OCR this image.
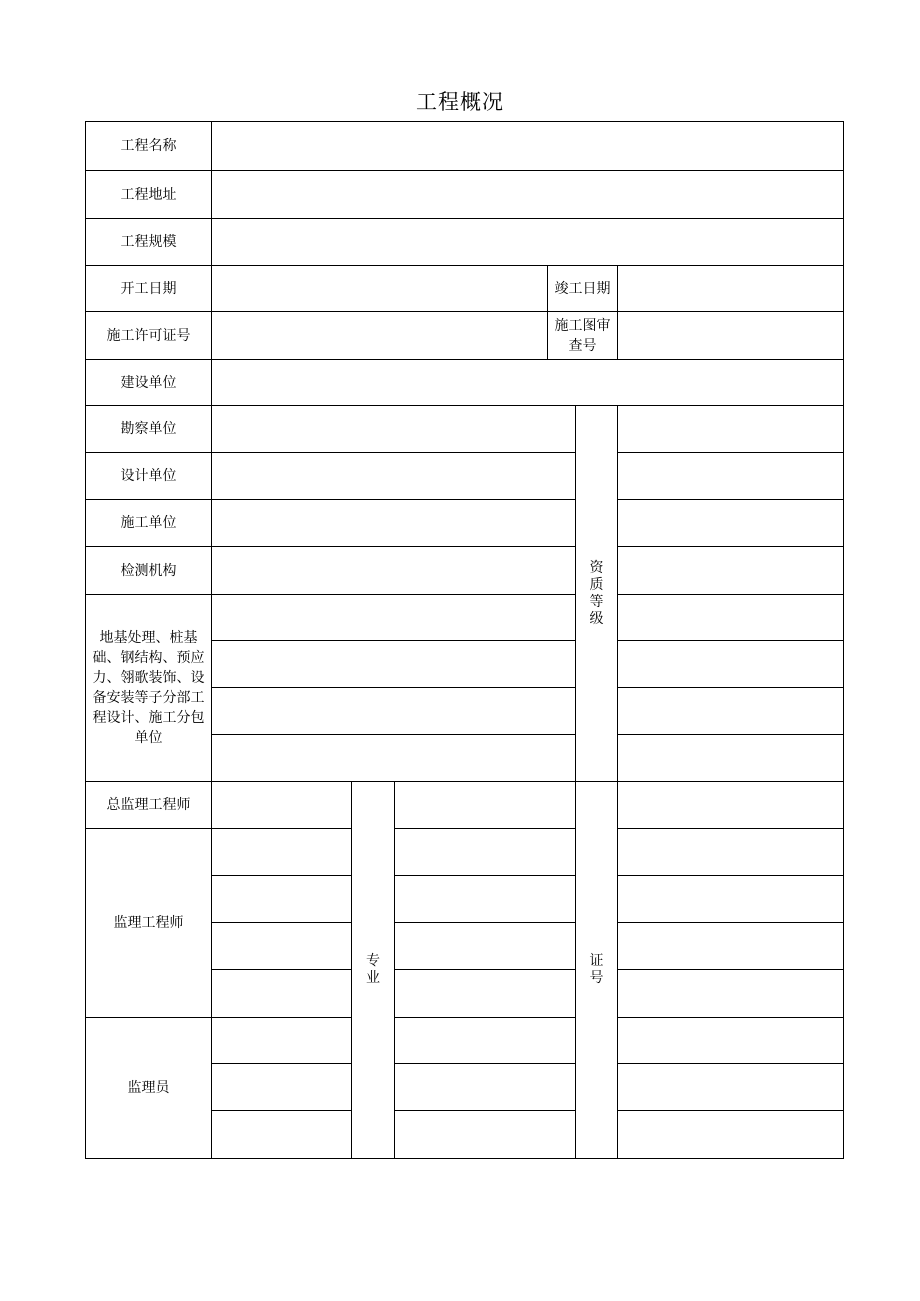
工程概况
工程名称						
工程地址						
工程规模						
开工日期				竣工日期		
施工许可证号				施工图审查号		
建设单位						
勘察单位					资质等级	

设计单位						
施工单位						
检测机构						
地基处理、桩基础、钢结构、预应力、翎歌装饰、设备安装等子分部工程设计、施工分包单位						

总监理工程师		专业			证号	

监理工程师						

监理员						
